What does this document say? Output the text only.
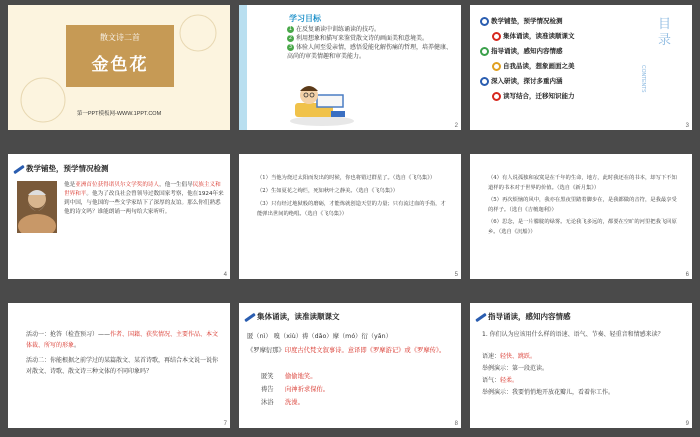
散文诗二首
金色花
第一PPT模板网-WWW.1PPT.COM
学习目标
1 在反复诵读中训练诵读的技巧。
2 利用想象和描写来鉴赏散文诗的画面美和意境美。
3 体验人间至爱亲情，感悟爱能化解伤痛的哲理，培养健康、高尚的审美情趣和审美能力。
2
教学铺垫，预学情况检测
集体诵读，读准读顺课文
指导诵读，感知内容情感
自我品读，想象画面之美
深入研读，探讨多重内涵
读写结合，迁移知识能力
目录
CONTENTS
3
教学铺垫，预学情况检测
他是亚洲首位获得诺贝尔文学奖的诗人，他一生倡导民族主义和世界和平。他为了改良社会曾领导过数国家考察，他在1924年来到中国，与他国的一些文学家结下了深厚的友谊。那么你们熟悉他的诗文吗？谁能朗诵一两句给大家听听。
4
（1）当他为烧过太阳而发出的时候，你也将错过群星了。（选自《飞鸟集》）
（2）生如夏花之绚烂，死如秋叶之静美。（选自《飞鸟集》）
（3）只有经过地狱般的磨砺，才能炼就创造天堂的力量；只有流过血的手指，才能弹出世间的绝唱。（选自《飞鸟集》）
5
（4）有人说孤独和寂寞是在千年的生命，地方，此时我还在的书本，却写下不知道样的书本对于世界的价值。（选自《新月集》）
（5）再次烦恼的风中，我亦在黑夜里踏着脚步在，是我都做的音符，是我最享受的样子。（选自《吉檀迦利》）
（6）思念，是一片朦胧的绿雾。无论我飞多远的，都要在空旷的河里把我飞回原乡。（选自《沉船》）
6
活动一：抢答（检查预习）——作者、国籍、获奖情况、主要作品、本文体裁、所写的形象。
活动二：你能根据之前学过的某篇散文、某首诗歌，再结合本文说一说你对散文、诗歌、散文诗三种文体的不同印象吗？
7
集体诵读，读准读顺课文
匿（nì） 嗅（xiù）祷（dǎo）摩（mó）衍（yǎn）
《罗摩衍那》印度古代梵文叙事诗。意译即《罗摩游记》或《罗摩传》。
匿笑 偷偷地笑。
祷告 向神祈求保佑。
沐浴 洗澡。
8
指导诵读，感知内容情感
1. 你们认为应该用什么样的语速、语气、节奏、轻重音和情感来读？
语速：轻快、跳跃。
举例演示：第一段范读。
语气：轻柔。
举例演示：我要悄悄地开放花瓣儿，看着你工作。
9
